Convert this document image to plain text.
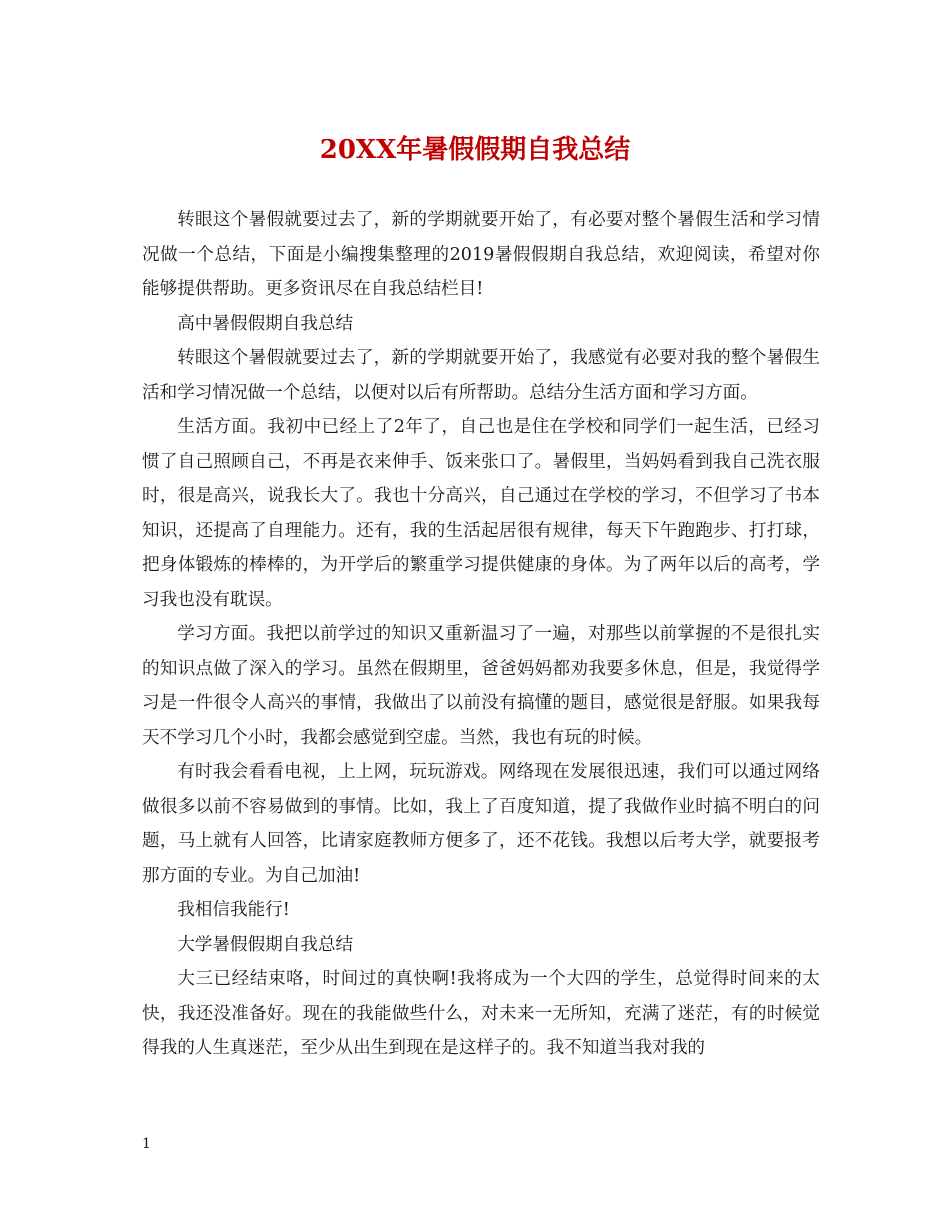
20XX年暑假假期自我总结

转眼这个暑假就要过去了，新的学期就要开始了，有必要对整个暑假生活和学习情况做一个总结，下面是小编搜集整理的2019暑假假期自我总结，欢迎阅读，希望对你能够提供帮助。更多资讯尽在自我总结栏目!

高中暑假假期自我总结

转眼这个暑假就要过去了，新的学期就要开始了，我感觉有必要对我的整个暑假生活和学习情况做一个总结，以便对以后有所帮助。总结分生活方面和学习方面。

生活方面。我初中已经上了2年了，自己也是住在学校和同学们一起生活，已经习惯了自己照顾自己，不再是衣来伸手、饭来张口了。暑假里，当妈妈看到我自己洗衣服时，很是高兴，说我长大了。我也十分高兴，自己通过在学校的学习，不但学习了书本知识，还提高了自理能力。还有，我的生活起居很有规律，每天下午跑跑步、打打球，把身体锻炼的棒棒的，为开学后的繁重学习提供健康的身体。为了两年以后的高考，学习我也没有耽误。

学习方面。我把以前学过的知识又重新温习了一遍，对那些以前掌握的不是很扎实的知识点做了深入的学习。虽然在假期里，爸爸妈妈都劝我要多休息，但是，我觉得学习是一件很令人高兴的事情，我做出了以前没有搞懂的题目，感觉很是舒服。如果我每天不学习几个小时，我都会感觉到空虚。当然，我也有玩的时候。

有时我会看看电视，上上网，玩玩游戏。网络现在发展很迅速，我们可以通过网络做很多以前不容易做到的事情。比如，我上了百度知道，提了我做作业时搞不明白的问题，马上就有人回答，比请家庭教师方便多了，还不花钱。我想以后考大学，就要报考那方面的专业。为自己加油!

我相信我能行!

大学暑假假期自我总结

大三已经结束咯，时间过的真快啊!我将成为一个大四的学生，总觉得时间来的太快，我还没准备好。现在的我能做些什么，对未来一无所知，充满了迷茫，有的时候觉得我的人生真迷茫，至少从出生到现在是这样子的。我不知道当我对我的

1
